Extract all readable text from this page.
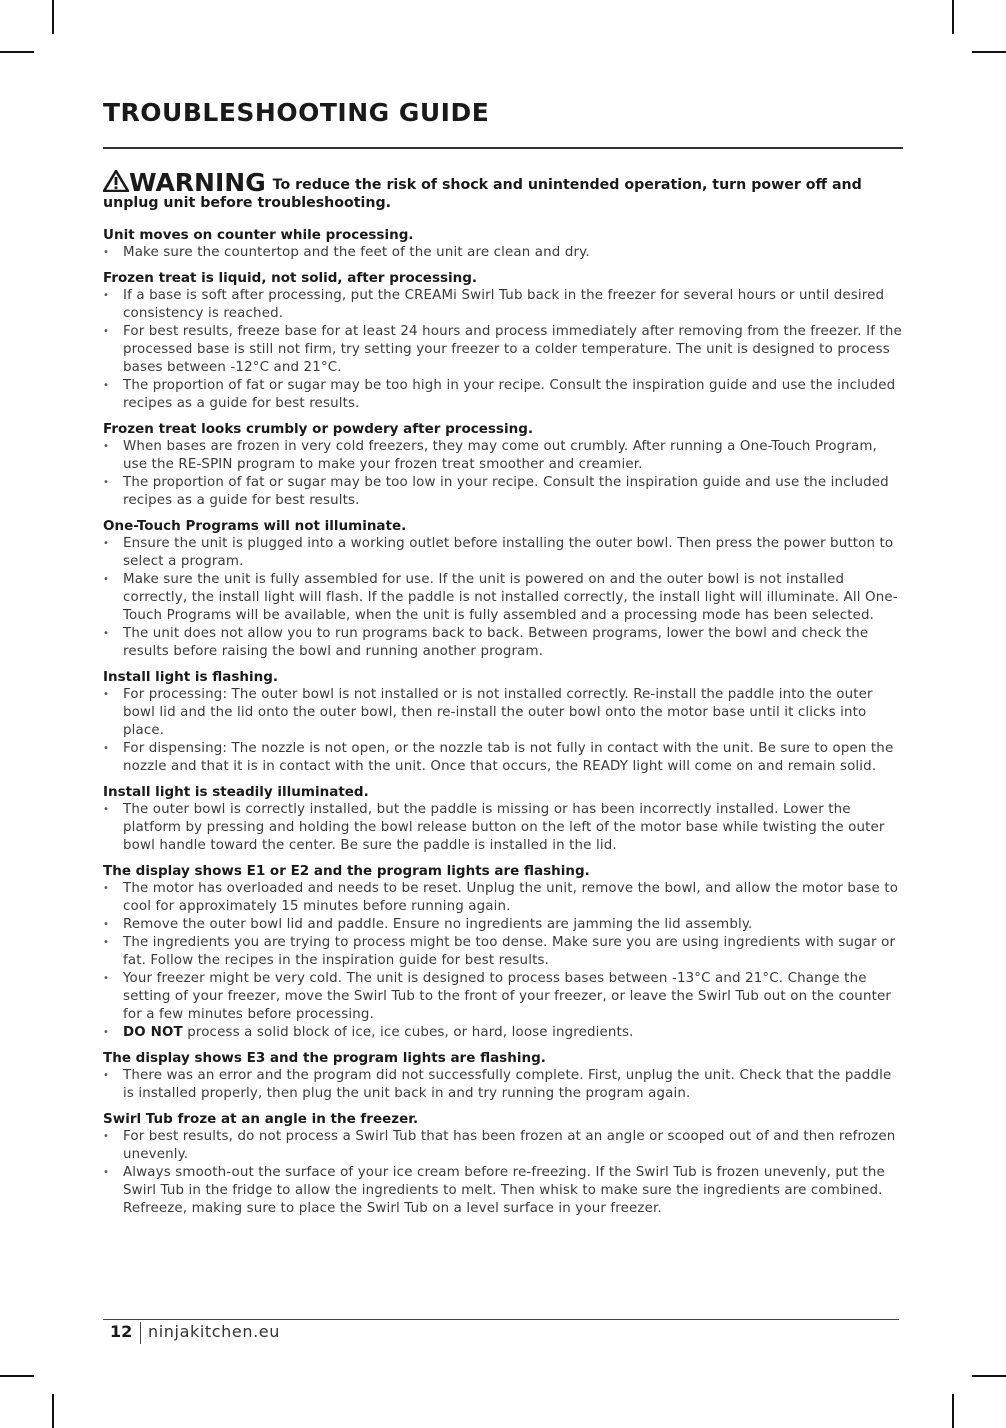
TROUBLESHOOTING GUIDE

WARNING To reduce the risk of shock and unintended operation, turn power off and unplug unit before troubleshooting.

Unit moves on counter while processing.

• Make sure the countertop and the feet of the unit are clean and dry.

Frozen treat is liquid, not solid, after processing.

• If a base is soft after processing, put the CREAMi Swirl Tub back in the freezer for several hours or until desired consistency is reached.
• For best results, freeze base for at least 24 hours and process immediately after removing from the freezer. If the processed base is still not firm, try setting your freezer to a colder temperature. The unit is designed to process bases between -12°C and 21°C.
• The proportion of fat or sugar may be too high in your recipe. Consult the inspiration guide and use the included recipes as a guide for best results.

Frozen treat looks crumbly or powdery after processing.

• When bases are frozen in very cold freezers, they may come out crumbly. After running a One-Touch Program, use the RE-SPIN program to make your frozen treat smoother and creamier.
• The proportion of fat or sugar may be too low in your recipe. Consult the inspiration guide and use the included recipes as a guide for best results.

One-Touch Programs will not illuminate.

• Ensure the unit is plugged into a working outlet before installing the outer bowl. Then press the power button to select a program.
• Make sure the unit is fully assembled for use. If the unit is powered on and the outer bowl is not installed correctly, the install light will flash. If the paddle is not installed correctly, the install light will illuminate. All One-Touch Programs will be available, when the unit is fully assembled and a processing mode has been selected.
• The unit does not allow you to run programs back to back. Between programs, lower the bowl and check the results before raising the bowl and running another program.

Install light is flashing.

• For processing: The outer bowl is not installed or is not installed correctly. Re-install the paddle into the outer bowl lid and the lid onto the outer bowl, then re-install the outer bowl onto the motor base until it clicks into place.
• For dispensing: The nozzle is not open, or the nozzle tab is not fully in contact with the unit. Be sure to open the nozzle and that it is in contact with the unit. Once that occurs, the READY light will come on and remain solid.

Install light is steadily illuminated.

• The outer bowl is correctly installed, but the paddle is missing or has been incorrectly installed. Lower the platform by pressing and holding the bowl release button on the left of the motor base while twisting the outer bowl handle toward the center. Be sure the paddle is installed in the lid.

The display shows E1 or E2 and the program lights are flashing.

• The motor has overloaded and needs to be reset. Unplug the unit, remove the bowl, and allow the motor base to cool for approximately 15 minutes before running again.
• Remove the outer bowl lid and paddle. Ensure no ingredients are jamming the lid assembly.
• The ingredients you are trying to process might be too dense. Make sure you are using ingredients with sugar or fat. Follow the recipes in the inspiration guide for best results.
• Your freezer might be very cold. The unit is designed to process bases between -13°C and 21°C. Change the setting of your freezer, move the Swirl Tub to the front of your freezer, or leave the Swirl Tub out on the counter for a few minutes before processing.
• DO NOT process a solid block of ice, ice cubes, or hard, loose ingredients.

The display shows E3 and the program lights are flashing.

• There was an error and the program did not successfully complete. First, unplug the unit. Check that the paddle is installed properly, then plug the unit back in and try running the program again.

Swirl Tub froze at an angle in the freezer.

• For best results, do not process a Swirl Tub that has been frozen at an angle or scooped out of and then refrozen unevenly.
• Always smooth-out the surface of your ice cream before re-freezing. If the Swirl Tub is frozen unevenly, put the Swirl Tub in the fridge to allow the ingredients to melt. Then whisk to make sure the ingredients are combined. Refreeze, making sure to place the Swirl Tub on a level surface in your freezer.
12 ninjakitchen.eu
